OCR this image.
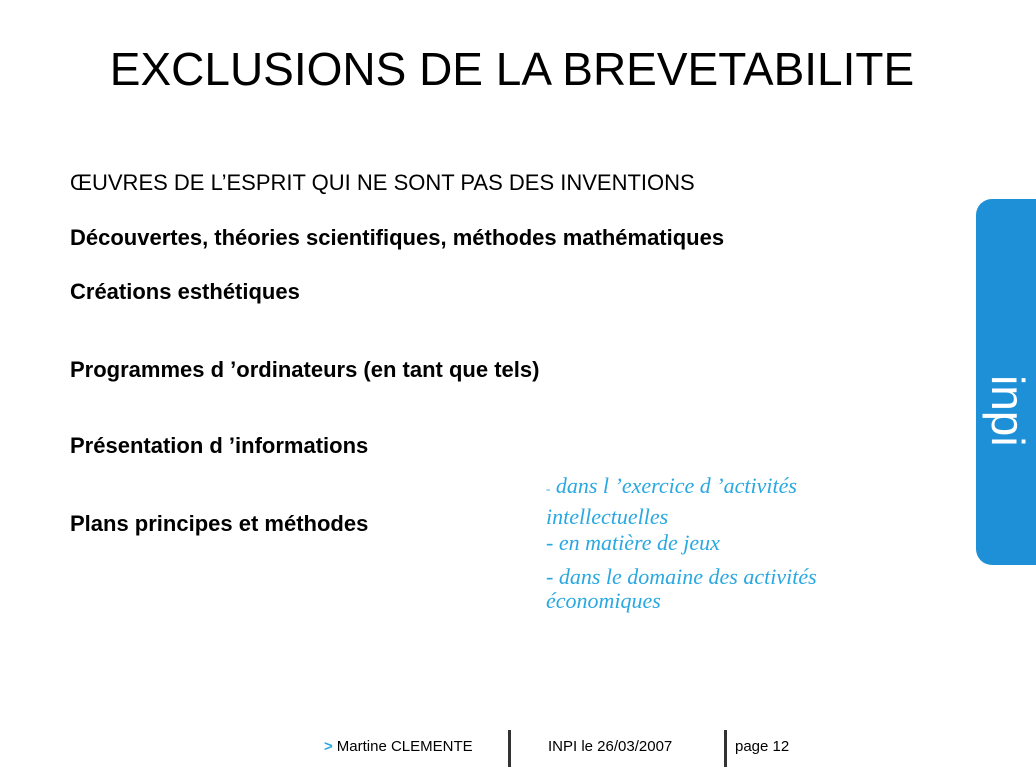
EXCLUSIONS DE LA BREVETABILITE
ŒUVRES DE L’ESPRIT QUI NE SONT PAS DES INVENTIONS
Découvertes, théories scientifiques, méthodes mathématiques
Créations esthétiques
Programmes d ’ordinateurs (en tant que tels)
Présentation d ’informations
Plans principes et méthodes
- dans l ’exercice d ’activités
intellectuelles
- en matière de jeux
- dans le domaine des activités économiques
inpi
> Martine CLEMENTE	INPI le 26/03/2007	page 12
